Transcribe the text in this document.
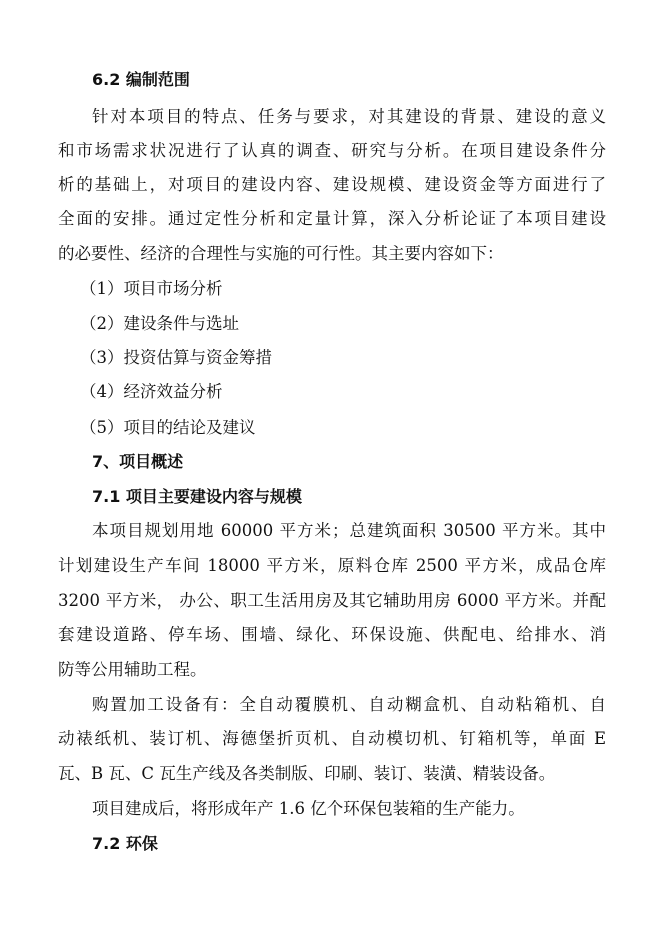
6.2 编制范围
针对本项目的特点、任务与要求，对其建设的背景、建设的意义
和市场需求状况进行了认真的调查、研究与分析。在项目建设条件分
析的基础上，对项目的建设内容、建设规模、建设资金等方面进行了
全面的安排。通过定性分析和定量计算，深入分析论证了本项目建设
的必要性、经济的合理性与实施的可行性。其主要内容如下：
（1）项目市场分析
（2）建设条件与选址
（3）投资估算与资金筹措
（4）经济效益分析
（5）项目的结论及建议
7、项目概述
7.1 项目主要建设内容与规模
本项目规划用地 60000 平方米；总建筑面积 30500 平方米。其中
计划建设生产车间 18000 平方米，原料仓库 2500 平方米，成品仓库
3200 平方米， 办公、职工生活用房及其它辅助用房 6000 平方米。并配
套建设道路、停车场、围墙、绿化、环保设施、供配电、给排水、消
防等公用辅助工程。
购置加工设备有：全自动覆膜机、自动糊盒机、自动粘箱机、自
动裱纸机、装订机、海德堡折页机、自动模切机、钉箱机等，单面 E
瓦、B 瓦、C 瓦生产线及各类制版、印刷、装订、装潢、精装设备。
项目建成后，将形成年产 1.6 亿个环保包装箱的生产能力。
7.2 环保
